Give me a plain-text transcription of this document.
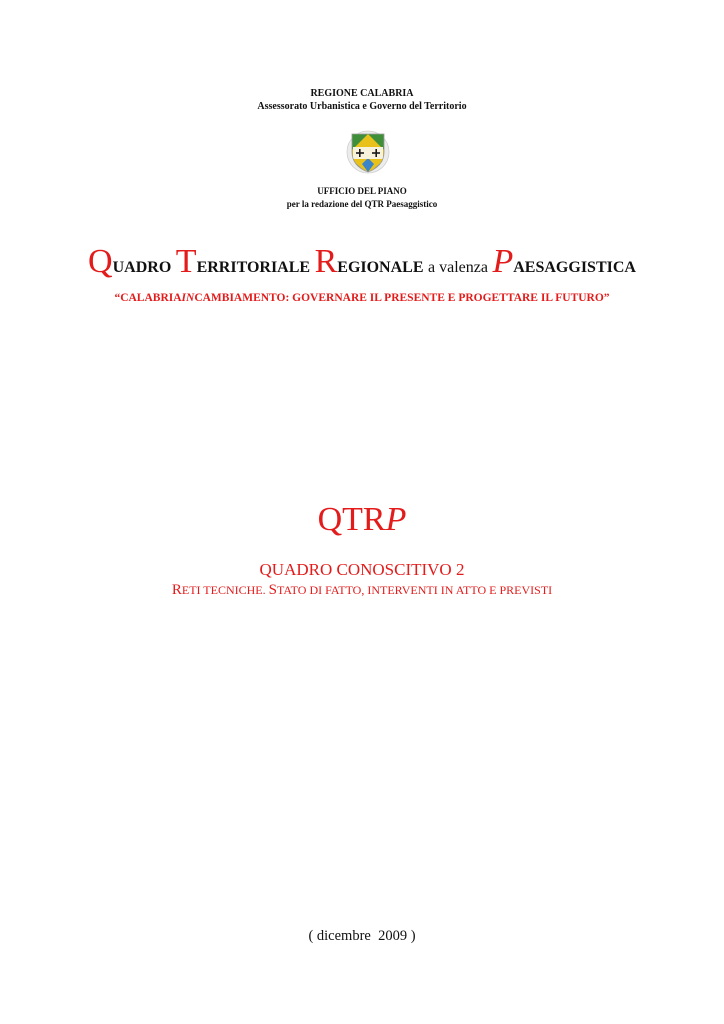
REGIONE CALABRIA
Assessorato Urbanistica e Governo del Territorio
UFFICIO DEL PIANO
per la redazione del QTR Paesaggistico
QUADRO TERRITORIALE REGIONALE a valenza PAESAGGISTICA
“CALABRIAINCAMBIAMENTO: GOVERNARE IL PRESENTE E PROGETTARE IL FUTURO”
QTRP
QUADRO CONOSCITIVO 2
RETI TECNICHE. STATO DI FATTO, INTERVENTI IN ATTO E PREVISTI
( dicembre  2009 )
